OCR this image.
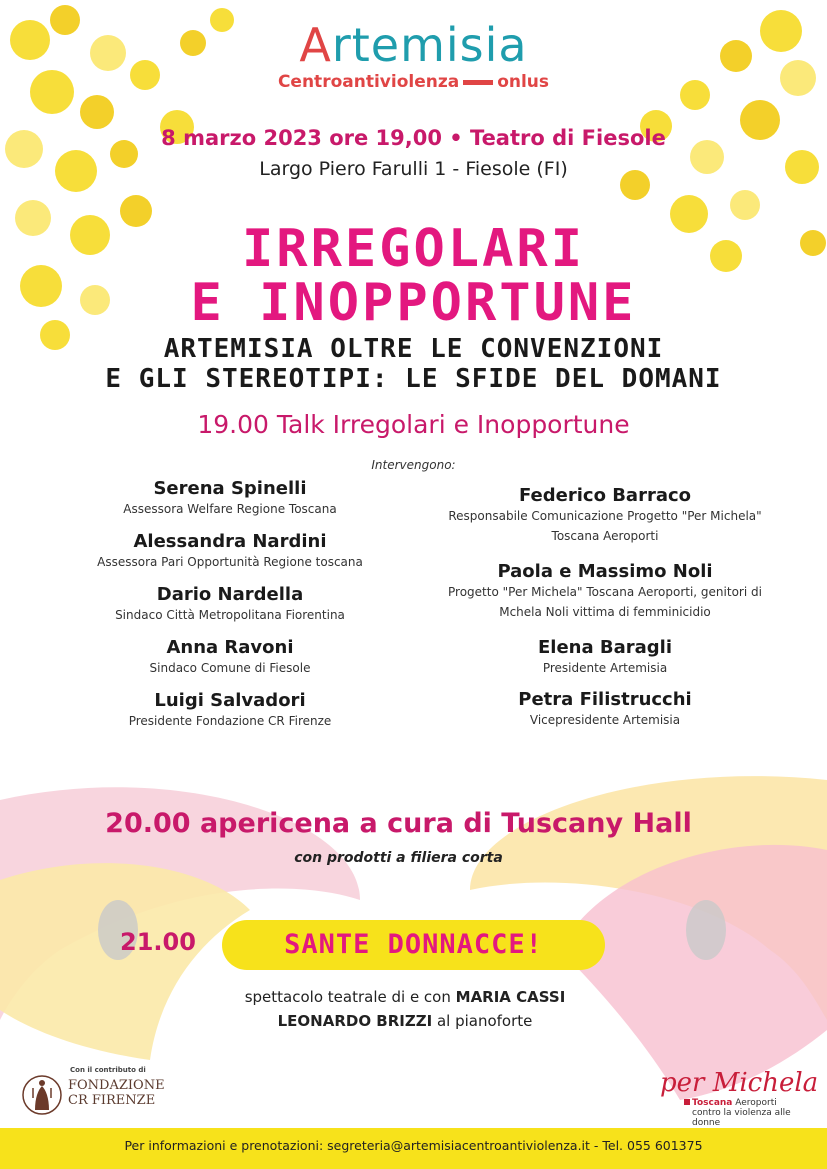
Artemisia
Centroantiviolenza onlus
8 marzo 2023 ore 19,00 • Teatro di Fiesole
Largo Piero Farulli 1 - Fiesole (FI)
IRREGOLARI
E INOPPORTUNE
ARTEMISIA OLTRE LE CONVENZIONI
E GLI STEREOTIPI: LE SFIDE DEL DOMANI
19.00 Talk Irregolari e Inopportune
Intervengono:
Serena Spinelli
Assessora Welfare Regione Toscana
Alessandra Nardini
Assessora Pari Opportunità Regione toscana
Dario Nardella
Sindaco Città Metropolitana Fiorentina
Anna Ravoni
Sindaco Comune di Fiesole
Luigi Salvadori
Presidente Fondazione CR Firenze
Federico Barraco
Responsabile Comunicazione Progetto "Per Michela"
Toscana Aeroporti
Paola e Massimo Noli
Progetto "Per Michela" Toscana Aeroporti, genitori di
Mchela Noli vittima di femminicidio
Elena Baragli
Presidente Artemisia
Petra Filistrucchi
Vicepresidente Artemisia
20.00 apericena a cura di Tuscany Hall
con prodotti a filiera corta
21.00	SANTE DONNACCE!
spettacolo teatrale di e con MARIA CASSI
LEONARDO BRIZZI al pianoforte
Con il contributo di
FONDAZIONE
CR FIRENZE
per Michela
Toscana Aeroporti
contro la violenza alle donne
Per informazioni e prenotazioni: segreteria@artemisiacentroantiviolenza.it - Tel. 055 601375
